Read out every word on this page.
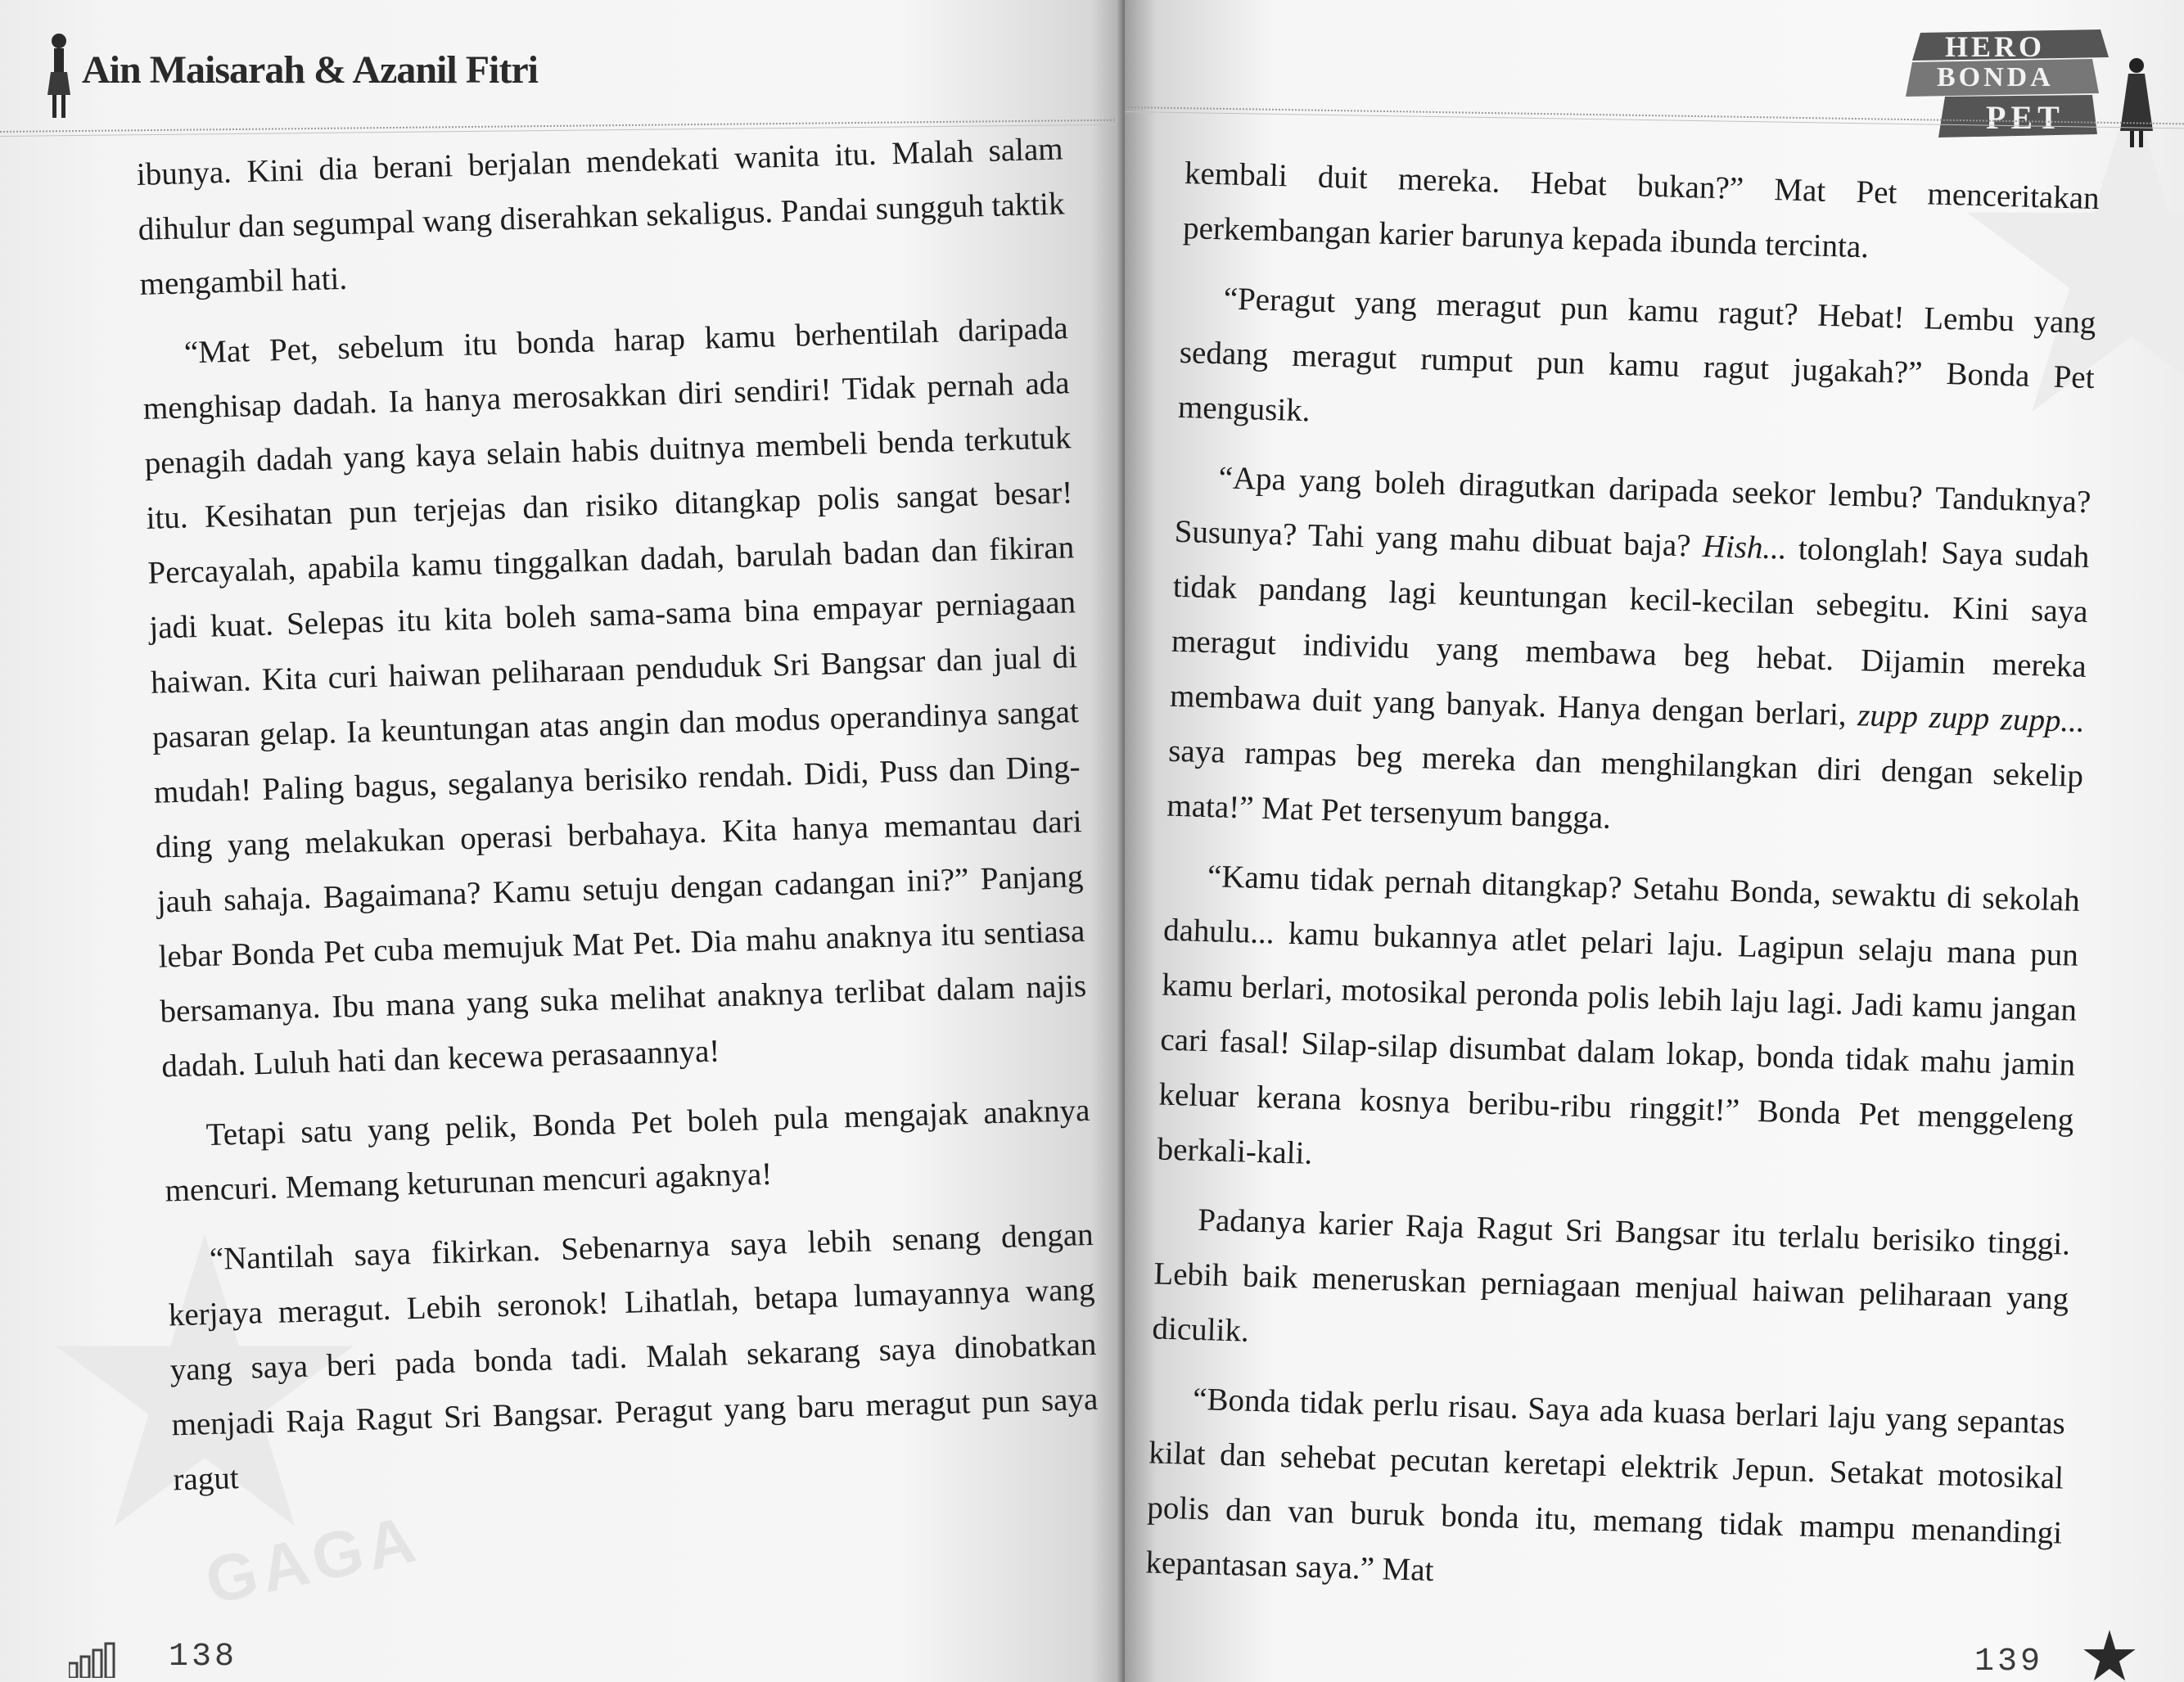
GAGA
Ain Maisarah & Azanil Fitri

ibunya. Kini dia berani berjalan mendekati wanita itu. Malah salam dihulur dan segumpal wang diserahkan sekaligus. Pandai sungguh taktik mengambil hati.

“Mat Pet, sebelum itu bonda harap kamu berhentilah daripada menghisap dadah. Ia hanya merosakkan diri sendiri! Tidak pernah ada penagih dadah yang kaya selain habis duitnya membeli benda terkutuk itu. Kesihatan pun terjejas dan risiko ditangkap polis sangat besar! Percayalah, apabila kamu tinggalkan dadah, barulah badan dan fikiran jadi kuat. Selepas itu kita boleh sama-sama bina empayar perniagaan haiwan. Kita curi haiwan peliharaan penduduk Sri Bangsar dan jual di pasaran gelap. Ia keuntungan atas angin dan modus operandinya sangat mudah! Paling bagus, segalanya berisiko rendah. Didi, Puss dan Ding-ding yang melakukan operasi berbahaya. Kita hanya memantau dari jauh sahaja. Bagaimana? Kamu setuju dengan cadangan ini?” Panjang lebar Bonda Pet cuba memujuk Mat Pet. Dia mahu anaknya itu sentiasa bersamanya. Ibu mana yang suka melihat anaknya terlibat dalam najis dadah. Luluh hati dan kecewa perasaannya!

Tetapi satu yang pelik, Bonda Pet boleh pula mengajak anaknya mencuri. Memang keturunan mencuri agaknya!

“Nantilah saya fikirkan. Sebenarnya saya lebih senang dengan kerjaya meragut. Lebih seronok! Lihatlah, betapa lumayannya wang yang saya beri pada bonda tadi. Malah sekarang saya dinobatkan menjadi Raja Ragut Sri Bangsar. Peragut yang baru meragut pun saya ragut

138
HERO
BONDA
PET

kembali duit mereka. Hebat bukan?” Mat Pet menceritakan perkembangan karier barunya kepada ibunda tercinta.

“Peragut yang meragut pun kamu ragut? Hebat! Lembu yang sedang meragut rumput pun kamu ragut jugakah?” Bonda Pet mengusik.

“Apa yang boleh diragutkan daripada seekor lembu? Tanduknya? Susunya? Tahi yang mahu dibuat baja? Hish... tolonglah! Saya sudah tidak pandang lagi keuntungan kecil-kecilan sebegitu. Kini saya meragut individu yang membawa beg hebat. Dijamin mereka membawa duit yang banyak. Hanya dengan berlari, zupp zupp zupp... saya rampas beg mereka dan menghilangkan diri dengan sekelip mata!” Mat Pet tersenyum bangga.

“Kamu tidak pernah ditangkap? Setahu Bonda, sewaktu di sekolah dahulu... kamu bukannya atlet pelari laju. Lagipun selaju mana pun kamu berlari, motosikal peronda polis lebih laju lagi. Jadi kamu jangan cari fasal! Silap-silap disumbat dalam lokap, bonda tidak mahu jamin keluar kerana kosnya beribu-ribu ringgit!” Bonda Pet menggeleng berkali-kali.

Padanya karier Raja Ragut Sri Bangsar itu terlalu berisiko tinggi. Lebih baik meneruskan perniagaan menjual haiwan peliharaan yang diculik.

“Bonda tidak perlu risau. Saya ada kuasa berlari laju yang sepantas kilat dan sehebat pecutan keretapi elektrik Jepun. Setakat motosikal polis dan van buruk bonda itu, memang tidak mampu menandingi kepantasan saya.” Mat

139
